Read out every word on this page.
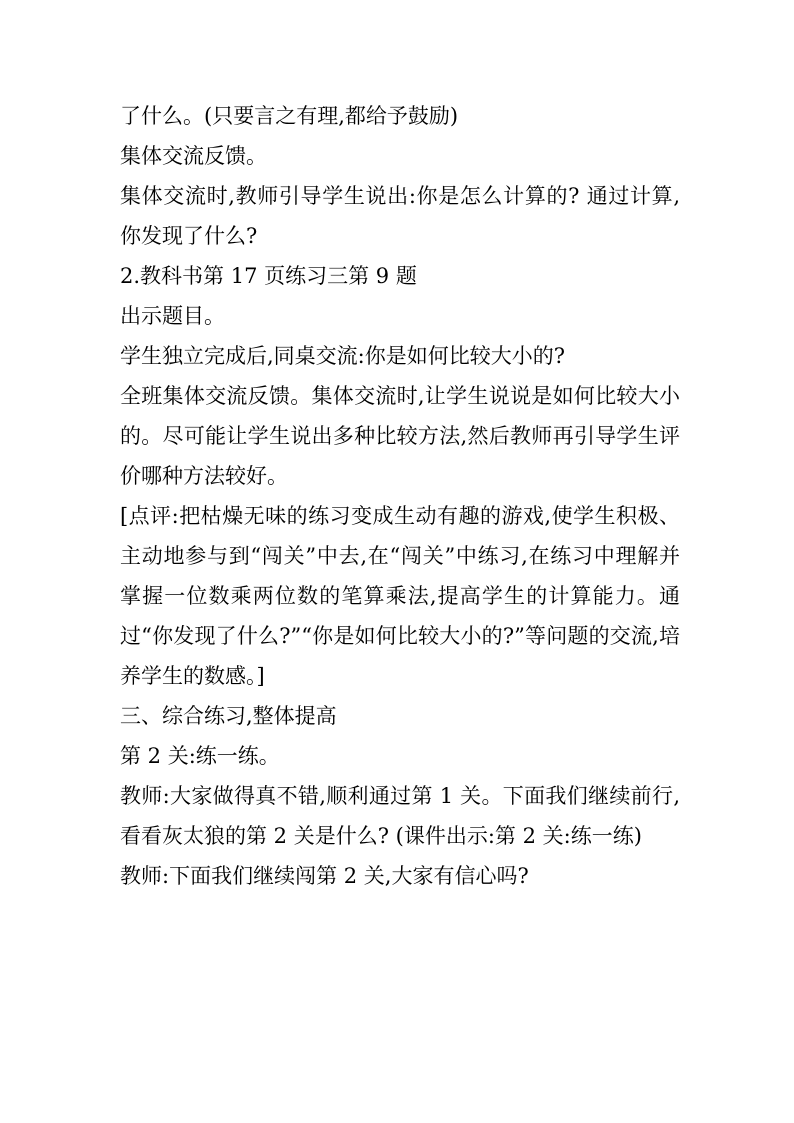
了什么。(只要言之有理,都给予鼓励)

集体交流反馈。

集体交流时,教师引导学生说出:你是怎么计算的? 通过计算,你发现了什么?

2.教科书第 17 页练习三第 9 题

出示题目。

学生独立完成后,同桌交流:你是如何比较大小的?

全班集体交流反馈。集体交流时,让学生说说是如何比较大小的。尽可能让学生说出多种比较方法,然后教师再引导学生评价哪种方法较好。

[点评:把枯燥无味的练习变成生动有趣的游戏,使学生积极、主动地参与到“闯关”中去,在“闯关”中练习,在练习中理解并掌握一位数乘两位数的笔算乘法,提高学生的计算能力。通过“你发现了什么?”“你是如何比较大小的?”等问题的交流,培养学生的数感。]

三、综合练习,整体提高

第 2 关:练一练。

教师:大家做得真不错,顺利通过第 1 关。下面我们继续前行,看看灰太狼的第 2 关是什么? (课件出示:第 2 关:练一练)

教师:下面我们继续闯第 2 关,大家有信心吗?
